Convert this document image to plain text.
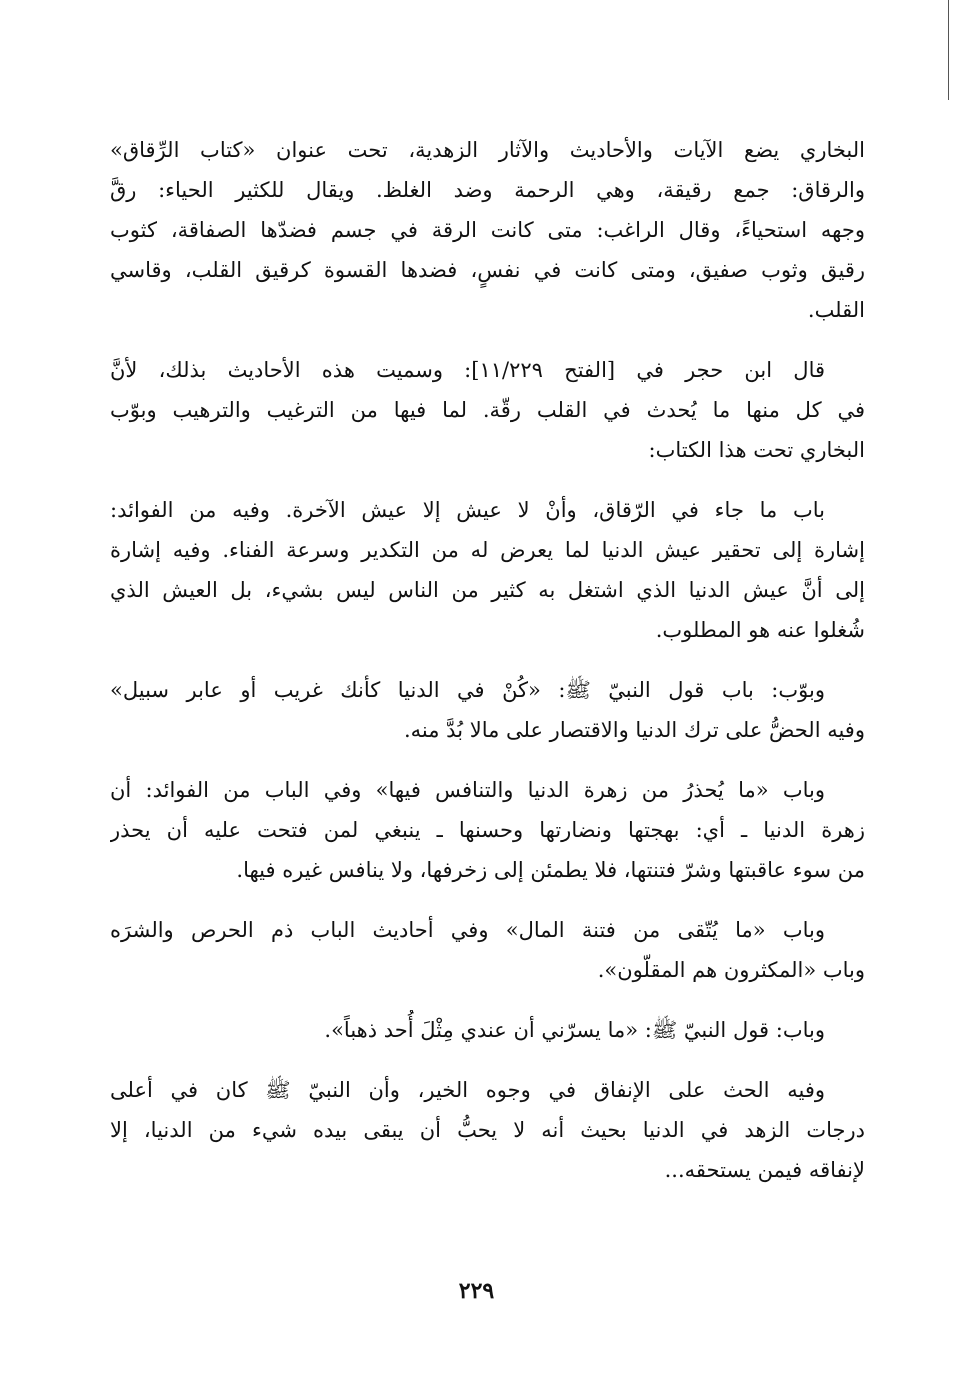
البخاري يضع الآيات والأحاديث والآثار الزهدية، تحت عنوان «كتاب الرِّقاق»
والرقاق: جمع رقيقة، وهي الرحمة وضد الغلظ. ويقال للكثير الحياء: رقَّ
وجهه استحياءً، وقال الراغب: متى كانت الرقة في جسم فضدّها الصفاقة، كثوب
رقيق وثوب صفيق، ومتى كانت في نفسٍ، فضدها القسوة كرقيق القلب، وقاسي
القلب.
قال ابن حجر في [الفتح ١١/٢٢٩]: وسميت هذه الأحاديث بذلك، لأنَّ
في كل منها ما يُحدث في القلب رقّة. لما فيها من الترغيب والترهيب وبوّب
البخاري تحت هذا الكتاب:
باب ما جاء في الرّقاق، وأنْ لا عيش إلا عيش الآخرة. وفيه من الفوائد:
إشارة إلى تحقير عيش الدنيا لما يعرض له من التكدير وسرعة الفناء. وفيه إشارة
إلى أنَّ عيش الدنيا الذي اشتغل به كثير من الناس ليس بشيء، بل العيش الذي
شُغلوا عنه هو المطلوب.
وبوّب: باب قول النبيّ ﷺ: «كُنْ في الدنيا كأنك غريب أو عابر سبيل»
وفيه الحضُّ على ترك الدنيا والاقتصار على مالا بُدَّ منه.
وباب «ما يُحذرُ من زهرة الدنيا والتنافس فيها» وفي الباب من الفوائد: أن
زهرة الدنيا ـ أي: بهجتها ونضارتها وحسنها ـ ينبغي لمن فتحت عليه أن يحذر
من سوء عاقبتها وشرّ فتنتها، فلا يطمئن إلى زخرفها، ولا ينافس غيره فيها.
وباب «ما يُتّقى من فتنة المال» وفي أحاديث الباب ذم الحرص والشرَه
وباب «المكثرون هم المقلّون».
وباب: قول النبيّ ﷺ: «ما يسرّني أن عندي مِثْلَ أُحد ذهباً».
وفيه الحث على الإنفاق في وجوه الخير، وأن النبيّ ﷺ كان في أعلى
درجات الزهد في الدنيا بحيث أنه لا يحبُّ أن يبقى بيده شيء من الدنيا، إلا
لإنفاقه فيمن يستحقه...
٢٢٩
